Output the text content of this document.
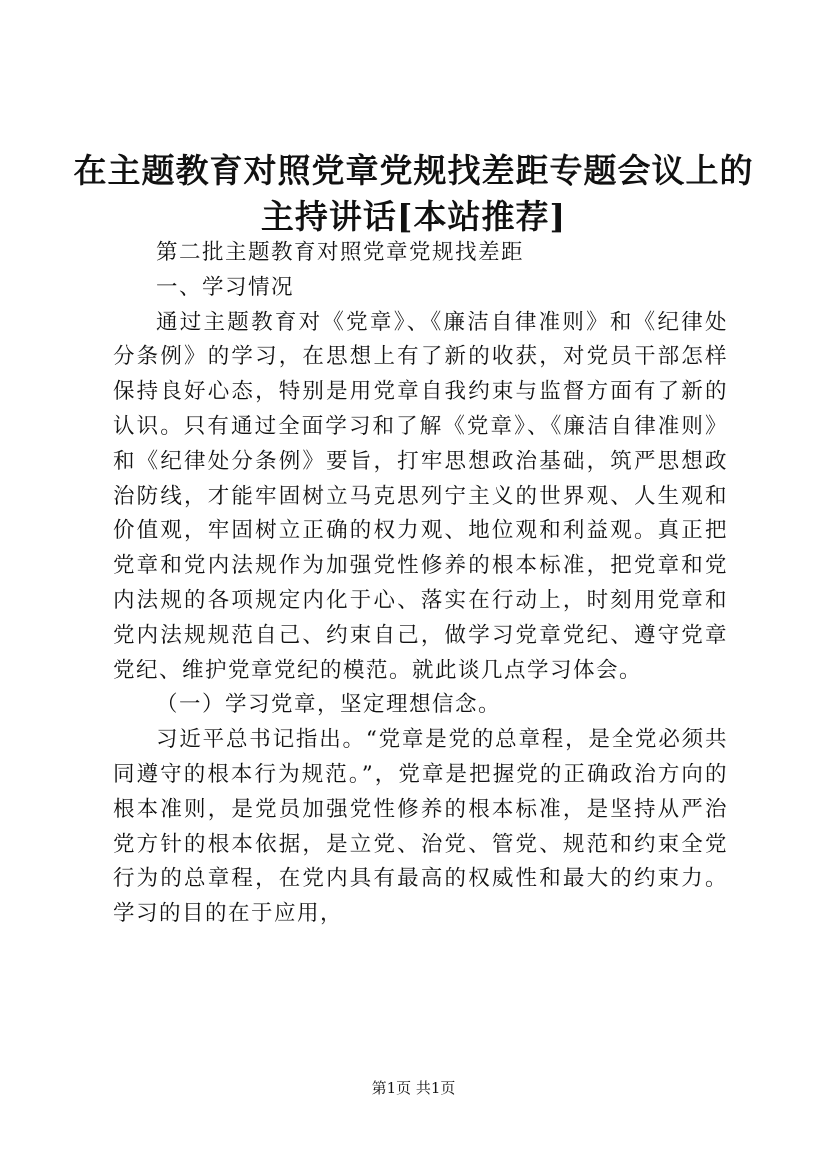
在主题教育对照党章党规找差距专题会议上的主持讲话[本站推荐]

第二批主题教育对照党章党规找差距

一、学习情况

通过主题教育对《党章》、《廉洁自律准则》和《纪律处分条例》的学习，在思想上有了新的收获，对党员干部怎样保持良好心态，特别是用党章自我约束与监督方面有了新的认识。只有通过全面学习和了解《党章》、《廉洁自律准则》和《纪律处分条例》要旨，打牢思想政治基础，筑严思想政治防线，才能牢固树立马克思列宁主义的世界观、人生观和价值观，牢固树立正确的权力观、地位观和利益观。真正把党章和党内法规作为加强党性修养的根本标准，把党章和党内法规的各项规定内化于心、落实在行动上，时刻用党章和党内法规规范自己、约束自己，做学习党章党纪、遵守党章党纪、维护党章党纪的模范。就此谈几点学习体会。

（一）学习党章，坚定理想信念。

习近平总书记指出。“党章是党的总章程，是全党必须共同遵守的根本行为规范。”，党章是把握党的正确政治方向的根本准则，是党员加强党性修养的根本标准，是坚持从严治党方针的根本依据，是立党、治党、管党、规范和约束全党行为的总章程，在党内具有最高的权威性和最大的约束力。学习的目的在于应用，

第1页 共1页
